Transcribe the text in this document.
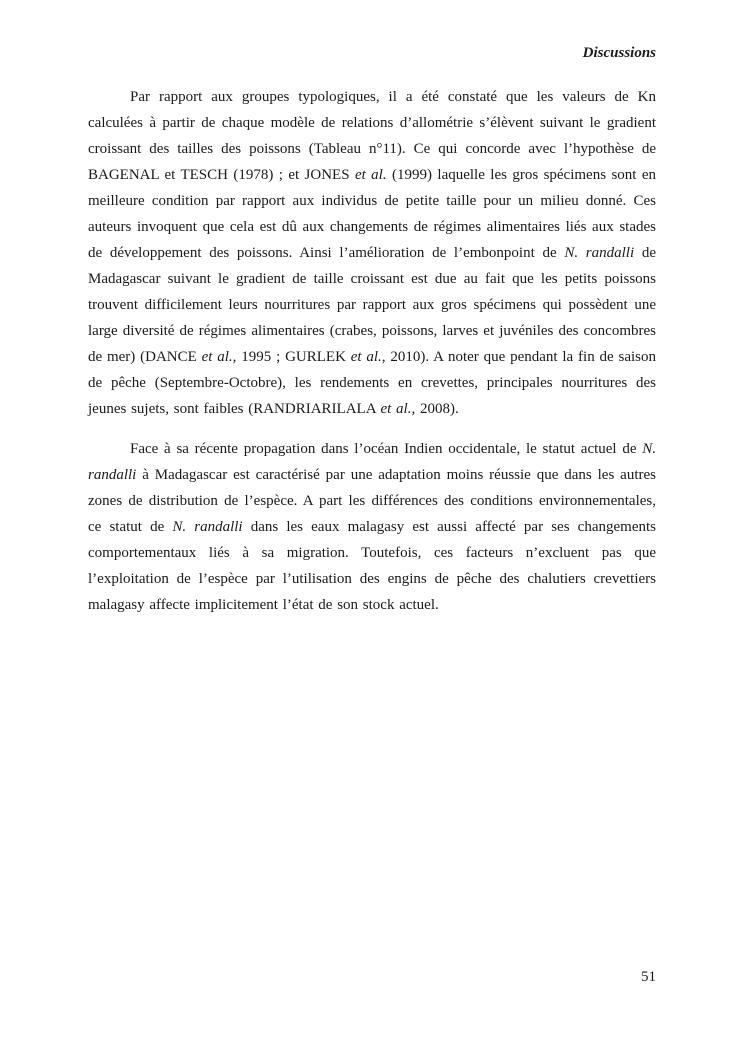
Discussions

Par rapport aux groupes typologiques, il a été constaté que les valeurs de Kn calculées à partir de chaque modèle de relations d’allométrie s’élèvent suivant le gradient croissant des tailles des poissons (Tableau n°11). Ce qui concorde avec l’hypothèse de BAGENAL et TESCH (1978) ; et JONES et al. (1999) laquelle les gros spécimens sont en meilleure condition par rapport aux individus de petite taille pour un milieu donné. Ces auteurs invoquent que cela est dû aux changements de régimes alimentaires liés aux stades de développement des poissons. Ainsi l’amélioration de l’embonpoint de N. randalli de Madagascar suivant le gradient de taille croissant est due au fait que les petits poissons trouvent difficilement leurs nourritures par rapport aux gros spécimens qui possèdent une large diversité de régimes alimentaires (crabes, poissons, larves et juvéniles des concombres de mer) (DANCE et al., 1995 ; GURLEK et al., 2010). A noter que pendant la fin de saison de pêche (Septembre-Octobre), les rendements en crevettes, principales nourritures des jeunes sujets, sont faibles (RANDRIARILALA et al., 2008).

Face à sa récente propagation dans l’océan Indien occidentale, le statut actuel de N. randalli à Madagascar est caractérisé par une adaptation moins réussie que dans les autres zones de distribution de l’espèce. A part les différences des conditions environnementales, ce statut de N. randalli dans les eaux malagasy est aussi affecté par ses changements comportementaux liés à sa migration. Toutefois, ces facteurs n’excluent pas que l’exploitation de l’espèce par l’utilisation des engins de pêche des chalutiers crevettiers malagasy affecte implicitement l’état de son stock actuel.

51
